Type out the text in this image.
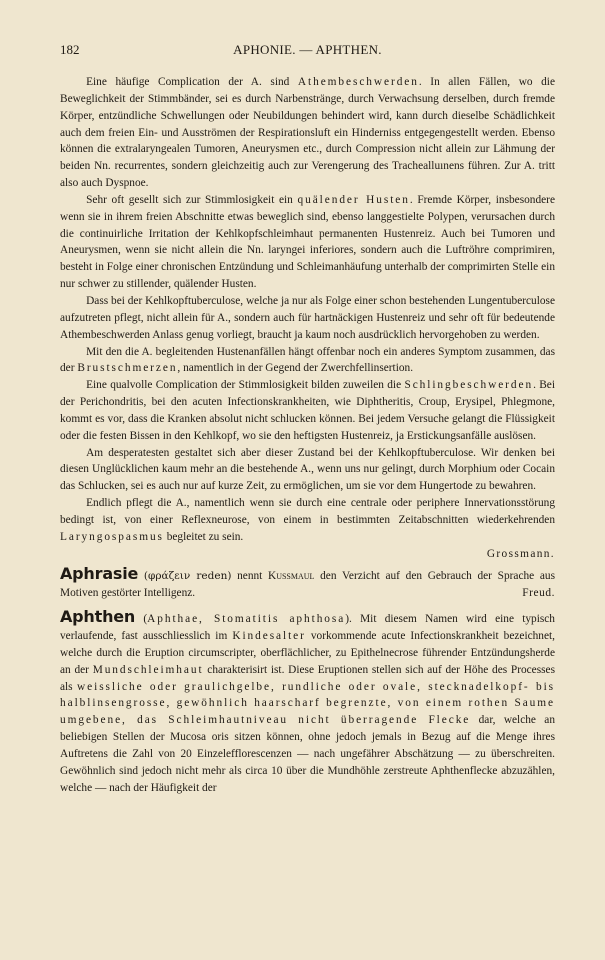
182	APHONIE. — APHTHEN.

Eine häufige Complication der A. sind Athembeschwerden. In allen Fällen, wo die Beweglichkeit der Stimmbänder, sei es durch Narbenstränge, durch Verwachsung derselben, durch fremde Körper, entzündliche Schwellungen oder Neubildungen behindert wird, kann durch dieselbe Schädlichkeit auch dem freien Ein- und Ausströmen der Respirationsluft ein Hinderniss entgegengestellt werden. Ebenso können die extralaryngealen Tumoren, Aneurysmen etc., durch Compression nicht allein zur Lähmung der beiden Nn. recurrentes, sondern gleichzeitig auch zur Verengerung des Trachealluınens führen. Zur A. tritt also auch Dyspnoe.

Sehr oft gesellt sich zur Stimmlosigkeit ein quälender Husten. Fremde Körper, insbesondere wenn sie in ihrem freien Abschnitte etwas beweglich sind, ebenso langgestielte Polypen, verursachen durch die continuirliche Irritation der Kehlkopfschleimhaut permanenten Hustenreiz. Auch bei Tumoren und Aneurysmen, wenn sie nicht allein die Nn. laryngei inferiores, sondern auch die Luftröhre comprimiren, besteht in Folge einer chronischen Entzündung und Schleimanhäufung unterhalb der comprimirten Stelle ein nur schwer zu stillender, quälender Husten.

Dass bei der Kehlkopftuberculose, welche ja nur als Folge einer schon bestehenden Lungentuberculose aufzutreten pflegt, nicht allein für A., sondern auch für hartnäckigen Hustenreiz und sehr oft für bedeutende Athembeschwerden Anlass genug vorliegt, braucht ja kaum noch ausdrücklich hervorgehoben zu werden.

Mit den die A. begleitenden Hustenanfällen hängt offenbar noch ein anderes Symptom zusammen, das der Brustschmerzen, namentlich in der Gegend der Zwerchfellinsertion.

Eine qualvolle Complication der Stimmlosigkeit bilden zuweilen die Schlingbeschwerden. Bei der Perichondritis, bei den acuten Infectionskrankheiten, wie Diphtheritis, Croup, Erysipel, Phlegmone, kommt es vor, dass die Kranken absolut nicht schlucken können. Bei jedem Versuche gelangt die Flüssigkeit oder die festen Bissen in den Kehlkopf, wo sie den heftigsten Hustenreiz, ja Erstickungsanfälle auslösen.

Am desperatesten gestaltet sich aber dieser Zustand bei der Kehlkopftuberculose. Wir denken bei diesen Unglücklichen kaum mehr an die bestehende A., wenn uns nur gelingt, durch Morphium oder Cocain das Schlucken, sei es auch nur auf kurze Zeit, zu ermöglichen, um sie vor dem Hungertode zu bewahren.

Endlich pflegt die A., namentlich wenn sie durch eine centrale oder periphere Innervationsstörung bedingt ist, von einer Reflexneurose, von einem in bestimmten Zeitabschnitten wiederkehrenden Laryngospasmus begleitet zu sein.

Grossmann.

Aphrasie (φράζειν reden) nennt Kussmaul den Verzicht auf den Gebrauch der Sprache aus Motiven gestörter Intelligenz.	Freud.

Aphthen (Aphthae, Stomatitis aphthosa). Mit diesem Namen wird eine typisch verlaufende, fast ausschliesslich im Kindesalter vorkommende acute Infectionskrankheit bezeichnet, welche durch die Eruption circumscripter, oberflächlicher, zu Epithelnecrose führender Entzündungsherde an der Mundschleimhaut charakterisirt ist. Diese Eruptionen stellen sich auf der Höhe des Processes als weissliche oder graulichgelbe, rundliche oder ovale, stecknadelkopf- bis halblinsengrosse, gewöhnlich haarscharf begrenzte, von einem rothen Saume umgebene, das Schleimhautniveau nicht überragende Flecke dar, welche an beliebigen Stellen der Mucosa oris sitzen können, ohne jedoch jemals in Bezug auf die Menge ihres Auftretens die Zahl von 20 Einzelefflorescenzen — nach ungefährer Abschätzung — zu überschreiten. Gewöhnlich sind jedoch nicht mehr als circa 10 über die Mundhöhle zerstreute Aphthenflecke abzuzählen, welche — nach der Häufigkeit der
